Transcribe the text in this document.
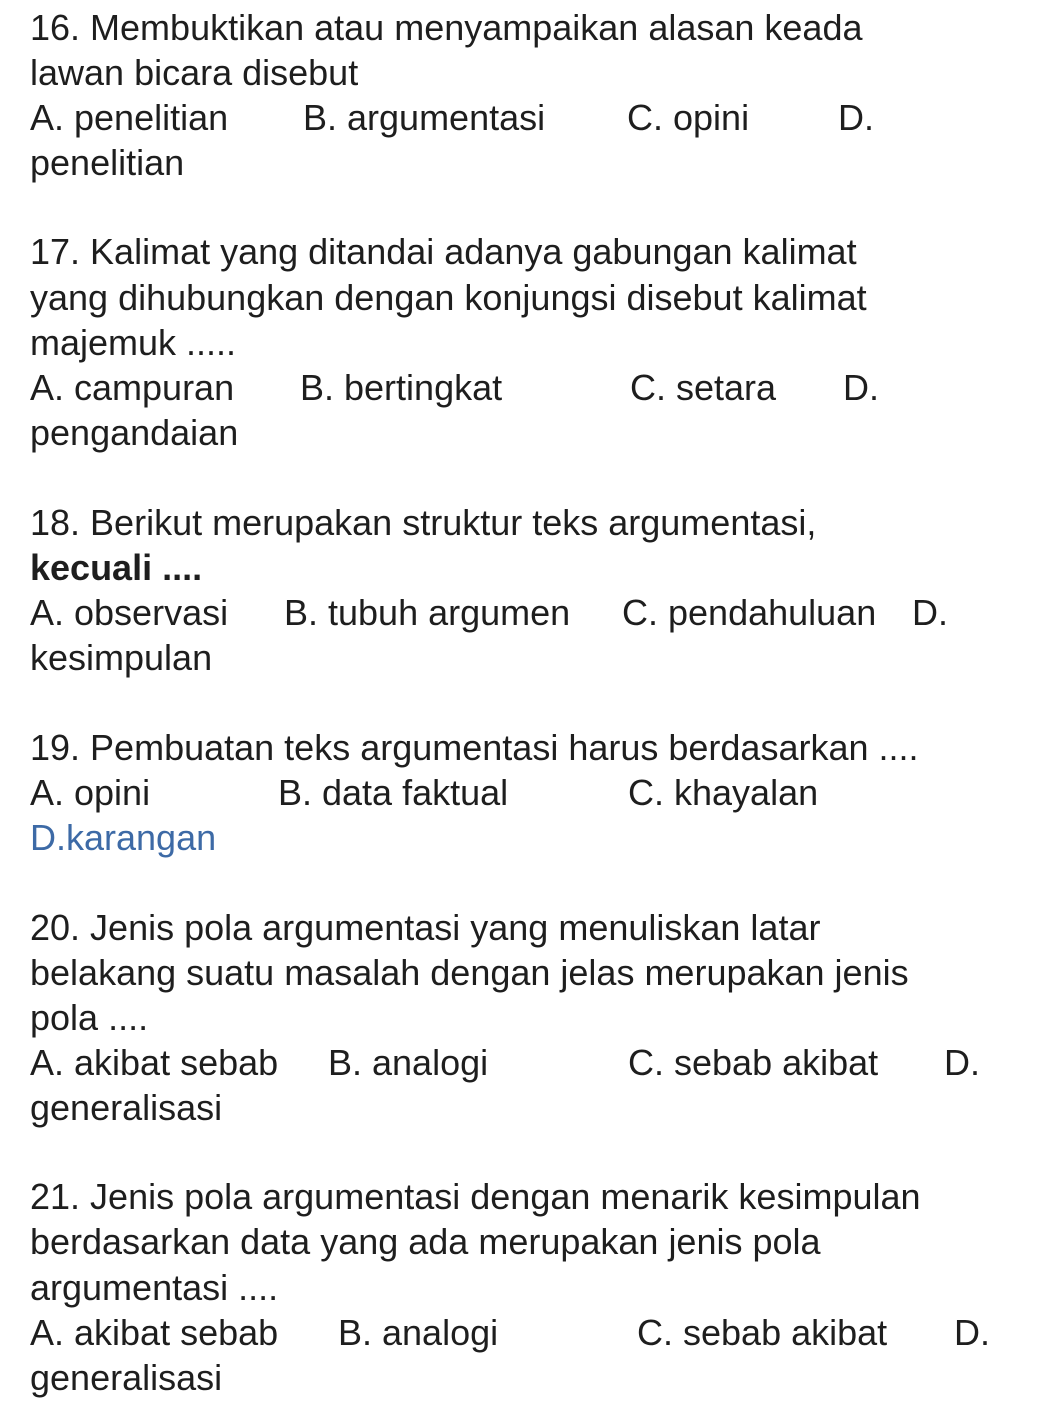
16. Membuktikan atau menyampaikan alasan keada
lawan bicara disebut
A. penelitian B. argumentasi C. opini D.
penelitian
17. Kalimat yang ditandai adanya gabungan kalimat
yang dihubungkan dengan konjungsi disebut kalimat
majemuk .....
A. campuran B. bertingkat	C. setara D.
pengandaian
18. Berikut merupakan struktur teks argumentasi,
kecuali ....
A. observasi B. tubuh argumen C. pendahuluan D.
kesimpulan
19. Pembuatan teks argumentasi harus berdasarkan ....
A. opini	B. data faktual	C. khayalan
D.karangan
20. Jenis pola argumentasi yang menuliskan latar
belakang suatu masalah dengan jelas merupakan jenis
pola ....
A. akibat sebab B. analogi	C. sebab akibat D.
generalisasi
21. Jenis pola argumentasi dengan menarik kesimpulan
berdasarkan data yang ada merupakan jenis pola
argumentasi ....
A. akibat sebab B. analogi	C. sebab akibat D.
generalisasi
